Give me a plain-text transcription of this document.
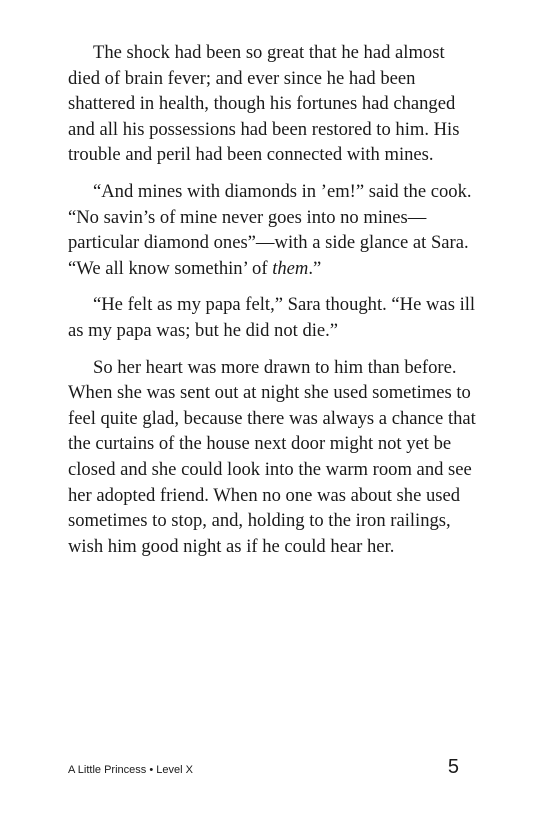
The shock had been so great that he had almost died of brain fever; and ever since he had been shattered in health, though his fortunes had changed and all his possessions had been restored to him. His trouble and peril had been connected with mines.

“And mines with diamonds in ’em!” said the cook. “No savin’s of mine never goes into no mines—particular diamond ones”—with a side glance at Sara. “We all know somethin’ of them.”

“He felt as my papa felt,” Sara thought. “He was ill as my papa was; but he did not die.”

So her heart was more drawn to him than before. When she was sent out at night she used sometimes to feel quite glad, because there was always a chance that the curtains of the house next door might not yet be closed and she could look into the warm room and see her adopted friend. When no one was about she used sometimes to stop, and, holding to the iron railings, wish him good night as if he could hear her.

A Little Princess • Level X	5
